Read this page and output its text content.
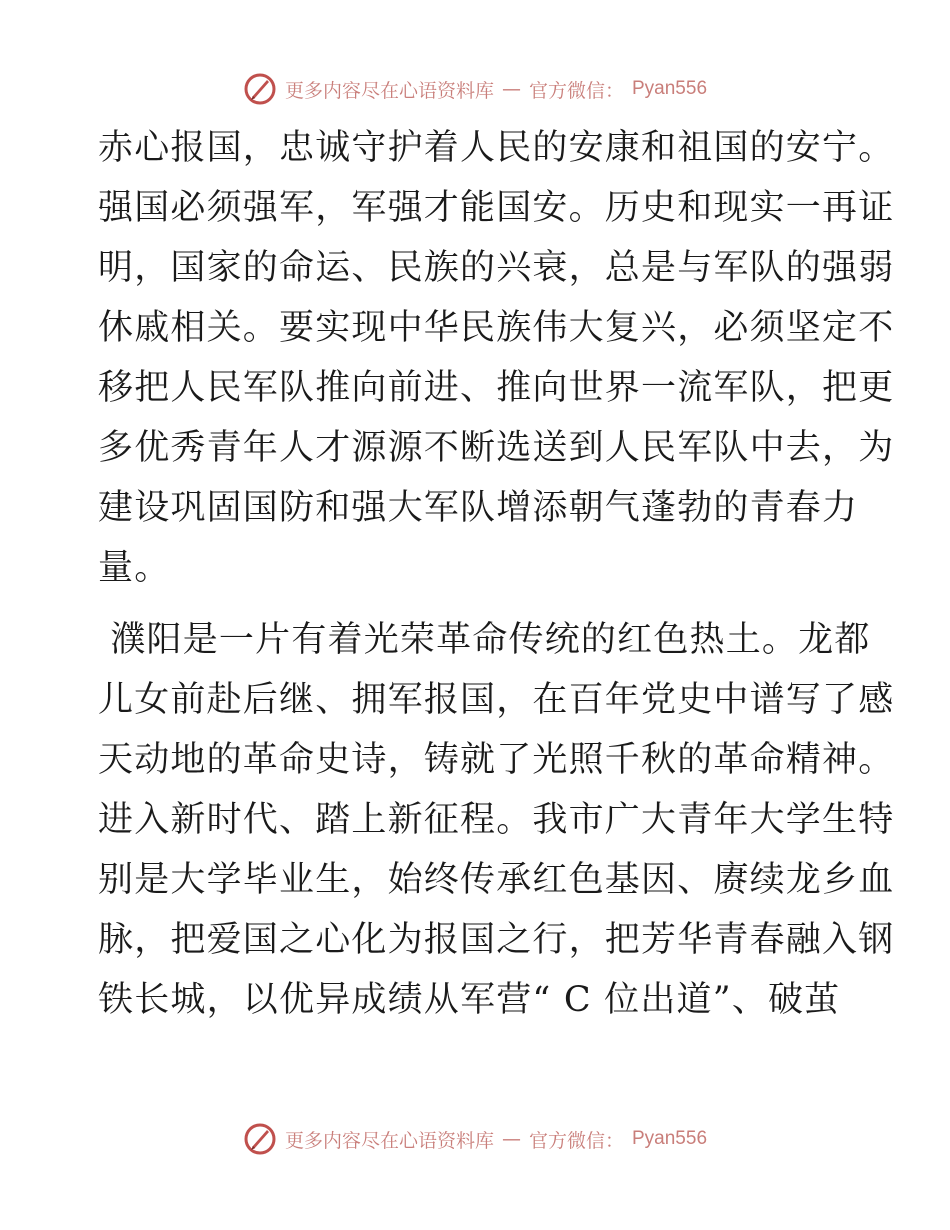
更多内容尽在心语资料库 — 官方微信： Pyan556

赤心报国，忠诚守护着人民的安康和祖国的安宁。
强国必须强军，军强才能国安。历史和现实一再证
明，国家的命运、民族的兴衰，总是与军队的强弱
休戚相关。要实现中华民族伟大复兴，必须坚定不
移把人民军队推向前进、推向世界一流军队，把更
多优秀青年人才源源不断选送到人民军队中去，为
建设巩固国防和强大军队增添朝气蓬勃的青春力
量。

濮阳是一片有着光荣革命传统的红色热土。龙都
儿女前赴后继、拥军报国，在百年党史中谱写了感
天动地的革命史诗，铸就了光照千秋的革命精神。
进入新时代、踏上新征程。我市广大青年大学生特
别是大学毕业生，始终传承红色基因、赓续龙乡血
脉，把爱国之心化为报国之行，把芳华青春融入钢
铁长城，以优异成绩从军营“ C 位出道”、破茧

更多内容尽在心语资料库 — 官方微信： Pyan556
